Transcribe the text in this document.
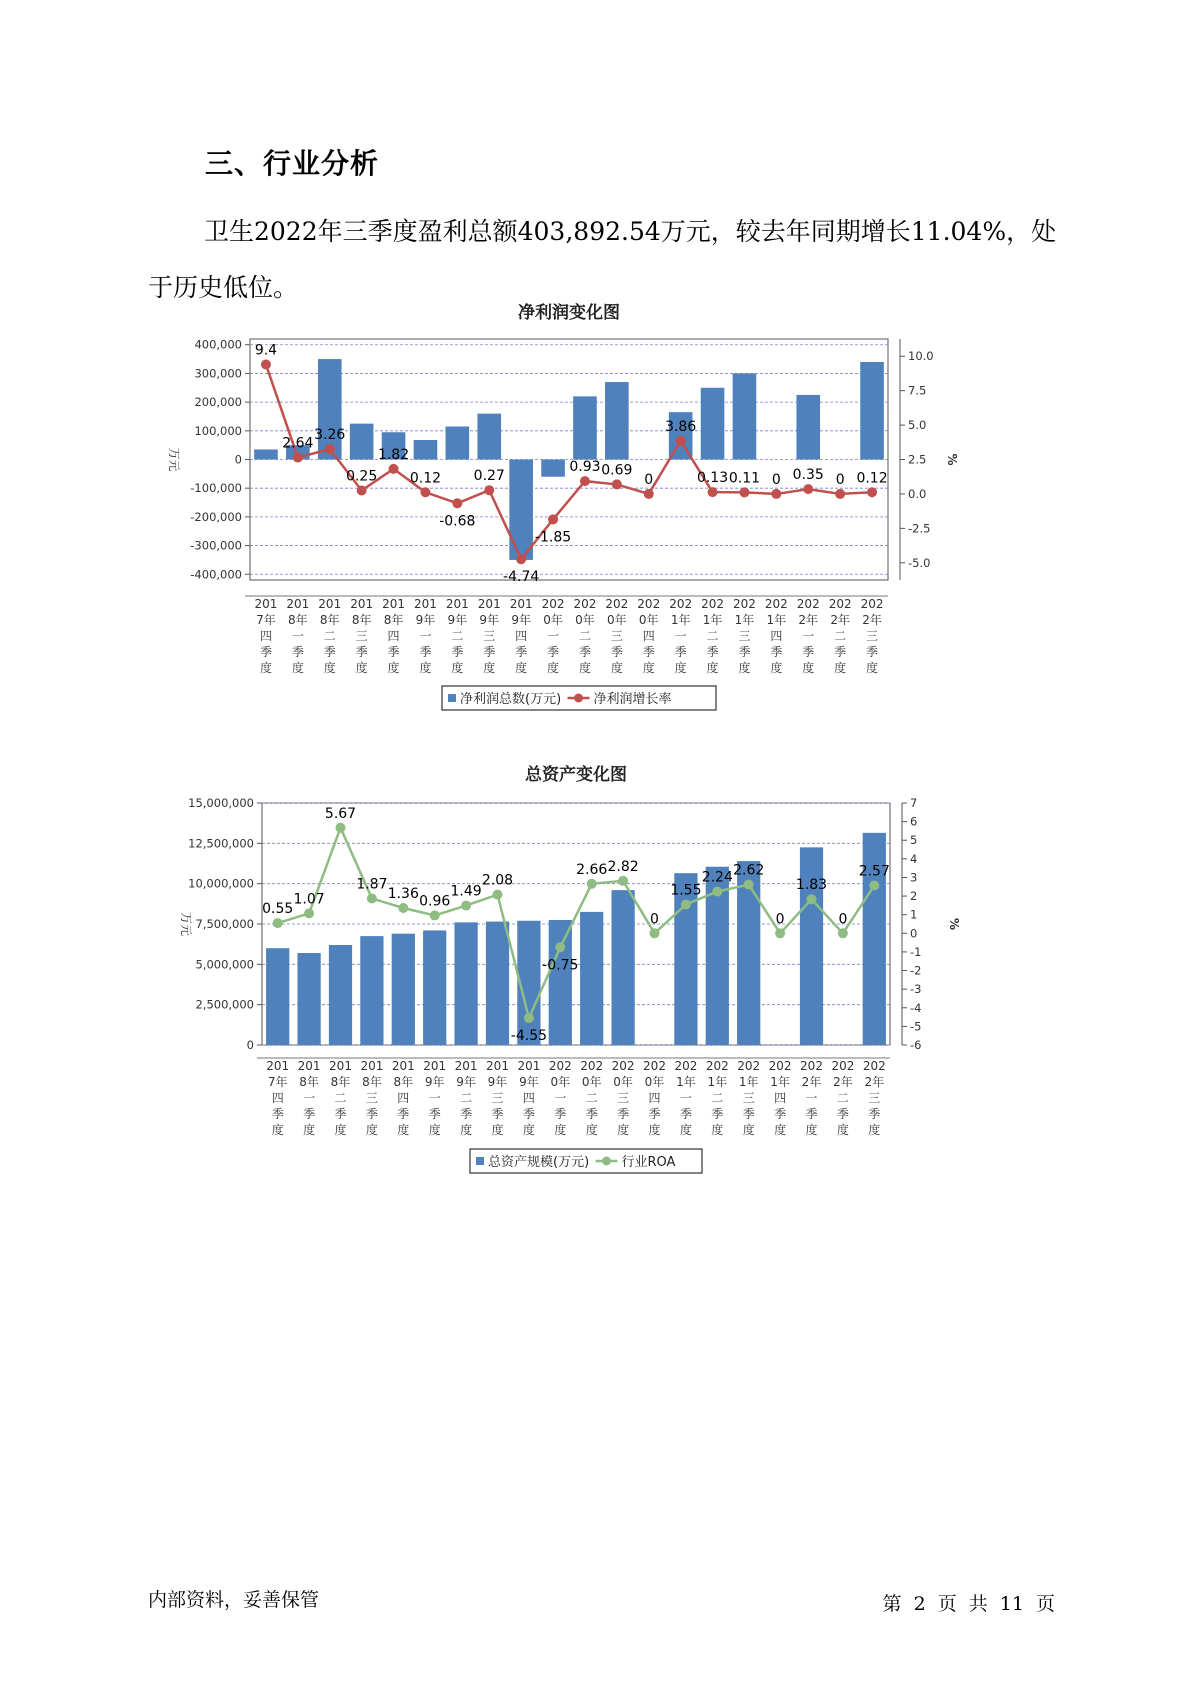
三、行业分析
卫生2022年三季度盈利总额403,892.54万元，较去年同期增长11.04%，处于历史低位。
净利润变化图
400,000
300,000
200,000
100,000
0
-100,000
-200,000
-300,000
-400,000
万元
10.0
7.5
5.0
2.5
0.0
-2.5
-5.0
%
201
7年
四
季
度
201
8年
一
季
度
201
8年
二
季
度
201
8年
三
季
度
201
8年
四
季
度
201
9年
一
季
度
201
9年
二
季
度
201
9年
三
季
度
201
9年
四
季
度
202
0年
一
季
度
202
0年
二
季
度
202
0年
三
季
度
202
0年
四
季
度
202
1年
一
季
度
202
1年
二
季
度
202
1年
三
季
度
202
1年
四
季
度
202
2年
一
季
度
202
2年
二
季
度
202
2年
三
季
度
9.4
2.64
3.26
0.25
1.82
0.12
-0.68
0.27
-4.74
-1.85
0.93 0.69
0
3.86
0.13 0.11 0 0.35 0 0.12
净利润总数(万元) 净利润增长率
总资产变化图
15,000,000
12,500,000
10,000,000
7,500,000
5,000,000
2,500,000
0
万元
7
6
5
4
3
2
1
0
-1
-2
-3
-4
-5
-6
%
201
7年
四
季
度
201
8年
一
季
度
201
8年
二
季
度
201
8年
三
季
度
201
8年
四
季
度
201
9年
一
季
度
201
9年
二
季
度
201
9年
三
季
度
201
9年
四
季
度
202
0年
一
季
度
202
0年
二
季
度
202
0年
三
季
度
202
0年
四
季
度
202
1年
一
季
度
202
1年
二
季
度
202
1年
三
季
度
202
1年
四
季
度
202
2年
一
季
度
202
2年
二
季
度
202
2年
三
季
度
0.55
1.07
5.67
1.87
1.36 0.96
1.49
2.08
-4.55
-0.75
2.66 2.82
0
1.55
2.24 2.62
0
1.83
0
2.57
总资产规模(万元) 行业ROA
内部资料，妥善保管	第 2 页 共 11 页
